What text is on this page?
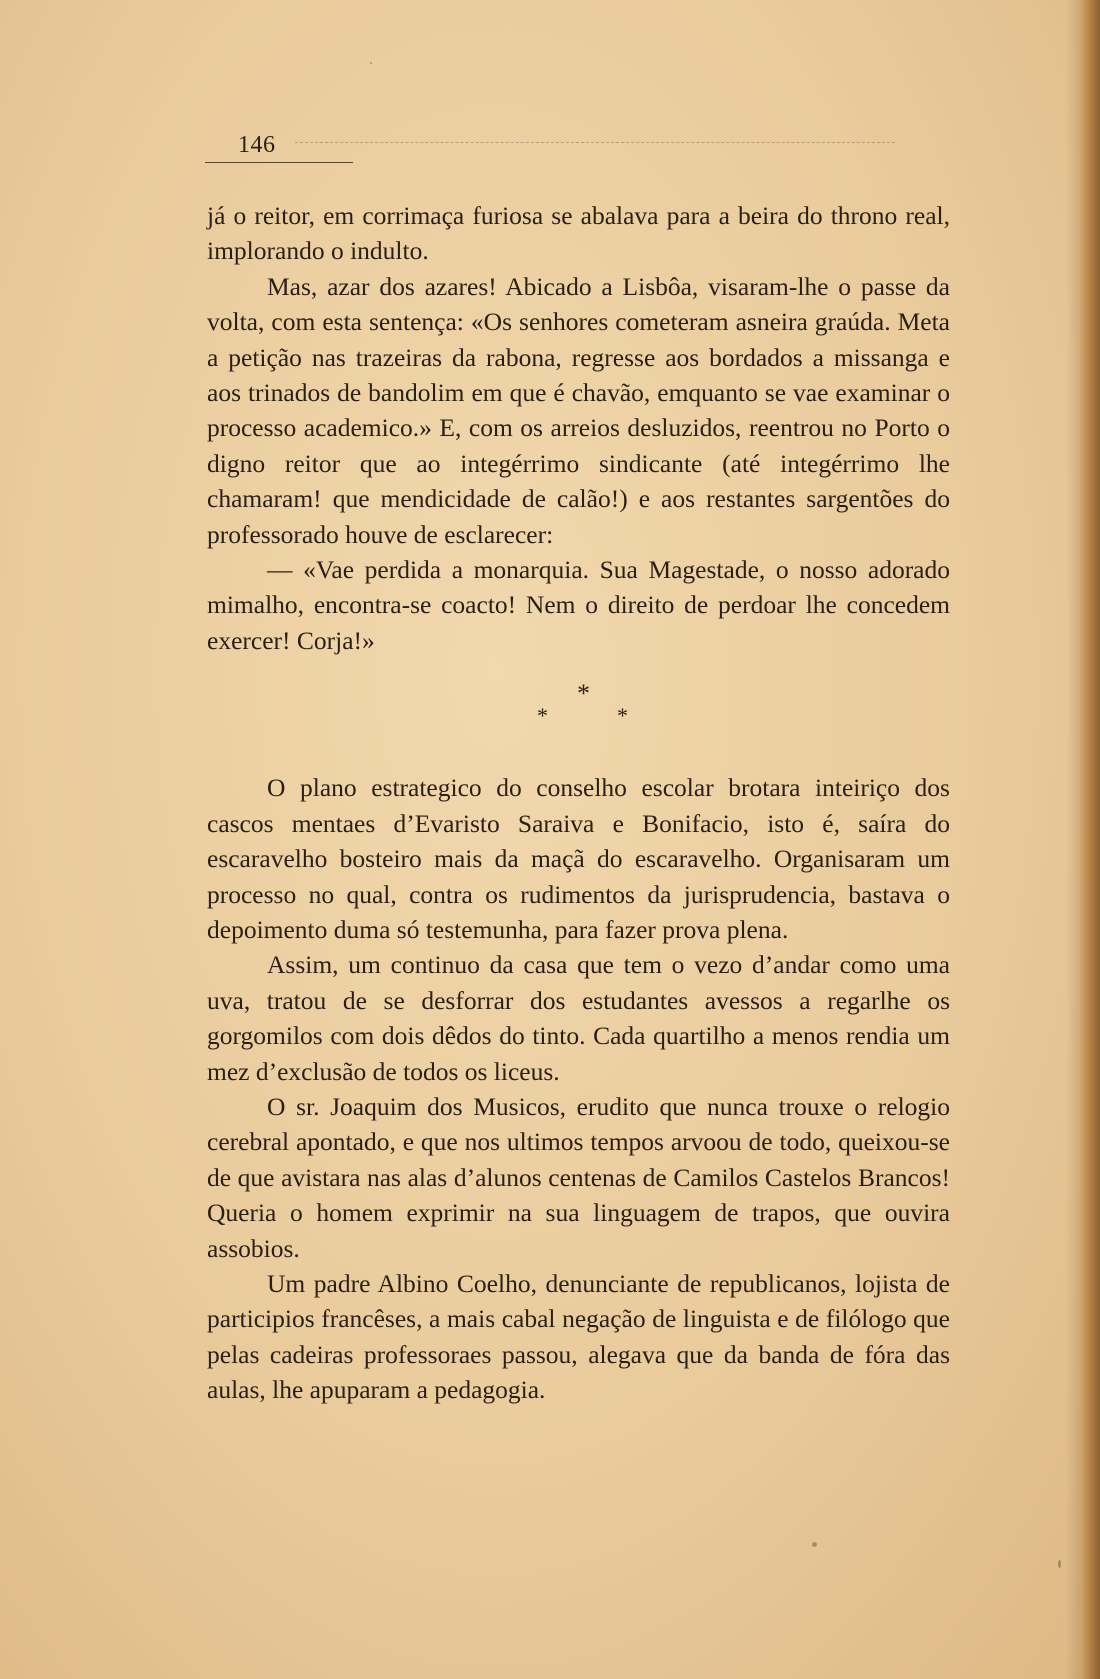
146

já o reitor, em corrimaça furiosa se abalava para a beira do throno real, implorando o indulto.

Mas, azar dos azares! Abicado a Lisbôa, visaram-lhe o passe da volta, com esta sentença: «Os senhores cometeram asneira graúda. Meta a petição nas trazeiras da rabona, regresse aos bordados a missanga e aos trinados de bandolim em que é chavão, emquanto se vae examinar o processo academico.» E, com os arreios desluzidos, reentrou no Porto o digno reitor que ao integérrimo sindicante (até integérrimo lhe chamaram! que mendicidade de calão!) e aos restantes sargentões do professorado houve de esclarecer:

— «Vae perdida a monarquia. Sua Magestade, o nosso adorado mimalho, encontra-se coacto! Nem o direito de perdoar lhe concedem exercer! Corja!»

*
*	*

O plano estrategico do conselho escolar brotara inteiriço dos cascos mentaes d’Evaristo Saraiva e Bonifacio, isto é, saíra do escaravelho bosteiro mais da maçã do escaravelho. Organisaram um processo no qual, contra os rudimentos da jurisprudencia, bastava o depoimento duma só testemunha, para fazer prova plena.

Assim, um continuo da casa que tem o vezo d’andar como uma uva, tratou de se desforrar dos estudantes avessos a regarlhe os gorgomilos com dois dêdos do tinto. Cada quartilho a menos rendia um mez d’exclusão de todos os liceus.

O sr. Joaquim dos Musicos, erudito que nunca trouxe o relogio cerebral apontado, e que nos ultimos tempos arvoou de todo, queixou-se de que avistara nas alas d’alunos centenas de Camilos Castelos Brancos! Queria o homem exprimir na sua linguagem de trapos, que ouvira assobios.

Um padre Albino Coelho, denunciante de republicanos, lojista de participios francêses, a mais cabal negação de linguista e de filólogo que pelas cadeiras professoraes passou, alegava que da banda de fóra das aulas, lhe apuparam a pedagogia.
